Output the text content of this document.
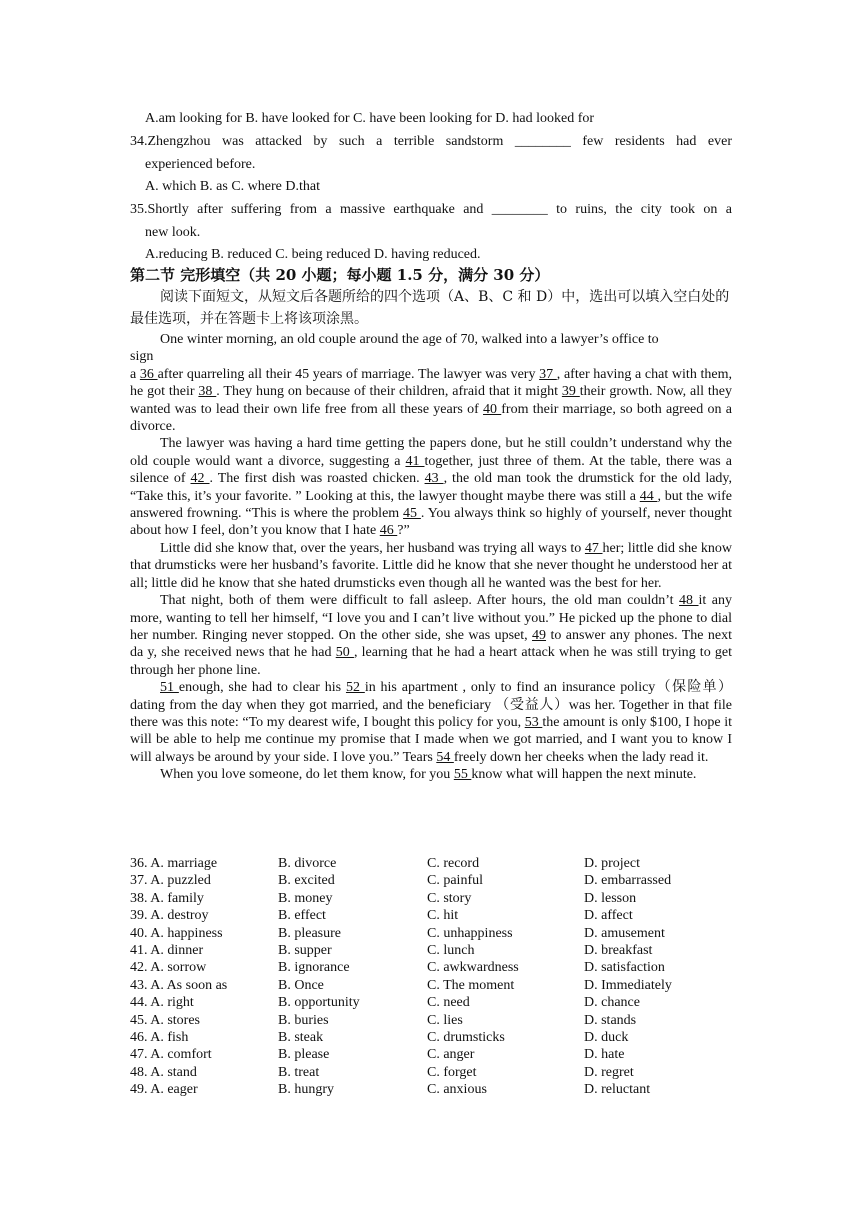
A.am looking for B. have looked for C. have been looking for D. had looked for
34.Zhengzhou was attacked by such a terrible sandstorm ________ few residents had ever
experienced before.
A. which B. as C. where D.that
35.Shortly after suffering from a massive earthquake and ________ to ruins, the city took on a
new look.
A.reducing B. reduced C. being reduced D. having reduced.
第二节 完形填空（共 20 小题；每小题 1.5 分，满分 30 分）

阅读下面短文，从短文后各题所给的四个选项（A、B、C 和 D）中，选出可以填入空白处的最佳选项，并在答题卡上将该项涂黑。

One winter morning, an old couple around the age of 70, walked into a lawyer’s office to

sign

a 36 after quarreling all their 45 years of marriage. The lawyer was very 37 , after having a chat with them, he got their 38 . They hung on because of their children, afraid that it might 39 their growth. Now, all they wanted was to lead their own life free from all these years of 40 from their marriage, so both agreed on a divorce.

The lawyer was having a hard time getting the papers done, but he still couldn’t understand why the old couple would want a divorce, suggesting a 41 together, just three of them. At the table, there was a silence of 42 . The first dish was roasted chicken. 43 , the old man took the drumstick for the old lady, “Take this, it’s your favorite. ” Looking at this, the lawyer thought maybe there was still a 44 , but the wife answered frowning. “This is where the problem 45 . You always think so highly of yourself, never thought about how I feel, don’t you know that I hate 46 ?”

Little did she know that, over the years, her husband was trying all ways to 47 her; little did she know that drumsticks were her husband’s favorite. Little did he know that she never thought he understood her at all; little did he know that she hated drumsticks even though all he wanted was the best for her.

That night, both of them were difficult to fall asleep. After hours, the old man couldn’t 48 it any more, wanting to tell her himself, “I love you and I can’t live without you.” He picked up the phone to dial her number. Ringing never stopped. On the other side, she was upset, 49 to answer any phones. The next da y, she received news that he had 50 , learning that he had a heart attack when he was still trying to get through her phone line.

51 enough, she had to clear his 52 in his apartment , only to find an insurance policy（保险单）dating from the day when they got married, and the beneficiary （受益人）was her. Together in that file there was this note: “To my dearest wife, I bought this policy for you, 53 the amount is only $100, I hope it will be able to help me continue my promise that I made when we got married, and I want you to know I will always be around by your side. I love you.” Tears 54 freely down her cheeks when the lady read it.

When you love someone, do let them know, for you 55 know what will happen the next minute.

36. A. marriage	B. divorce	C. record	D. project
37. A. puzzled	B. excited	C. painful	D. embarrassed
38. A. family	B. money	C. story	D. lesson
39. A. destroy	B. effect	C. hit	D. affect
40. A. happiness	B. pleasure	C. unhappiness	D. amusement
41. A. dinner	B. supper	C. lunch	D. breakfast
42. A. sorrow	B. ignorance	C. awkwardness	D. satisfaction
43. A. As soon as	B. Once	C. The moment	D. Immediately
44. A. right	B. opportunity	C. need	D. chance
45. A. stores	B. buries	C. lies	D. stands
46. A. fish	B. steak	C. drumsticks	D. duck
47. A. comfort	B. please	C. anger	D. hate
48. A. stand	B. treat	C. forget	D. regret
49. A. eager	B. hungry	C. anxious	D. reluctant
